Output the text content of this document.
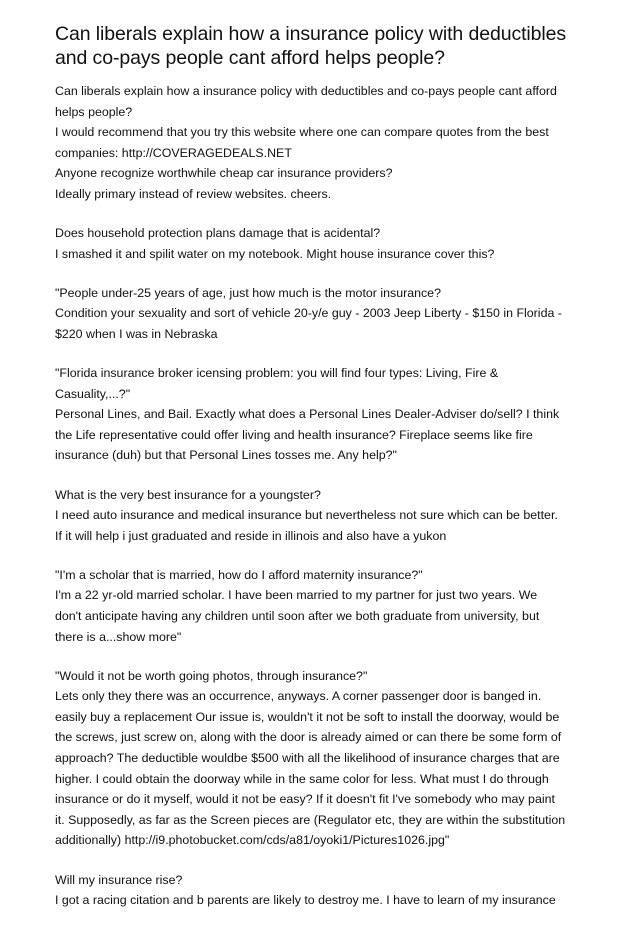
Can liberals explain how a insurance policy with deductibles
and co-pays people cant afford helps people?
Can liberals explain how a insurance policy with deductibles and co-pays people cant afford
helps people?
I would recommend that you try this website where one can compare quotes from the best
companies: http://COVERAGEDEALS.NET
Anyone recognize worthwhile cheap car insurance providers?
Ideally primary instead of review websites. cheers.
Does household protection plans damage that is acidental?
I smashed it and spilit water on my notebook. Might house insurance cover this?
"People under-25 years of age, just how much is the motor insurance?
Condition your sexuality and sort of vehicle 20-y/e guy - 2003 Jeep Liberty - $150 in Florida -
$220 when I was in Nebraska
"Florida insurance broker icensing problem: you will find four types: Living, Fire &
Casuality,...?"
Personal Lines, and Bail. Exactly what does a Personal Lines Dealer-Adviser do/sell? I think
the Life representative could offer living and health insurance? Fireplace seems like fire
insurance (duh) but that Personal Lines tosses me. Any help?"
What is the very best insurance for a youngster?
I need auto insurance and medical insurance but nevertheless not sure which can be better.
If it will help i just graduated and reside in illinois and also have a yukon
"I'm a scholar that is married, how do I afford maternity insurance?"
I'm a 22 yr-old married scholar. I have been married to my partner for just two years. We
don't anticipate having any children until soon after we both graduate from university, but
there is a...show more"
"Would it not be worth going photos, through insurance?"
Lets only they there was an occurrence, anyways. A corner passenger door is banged in.
easily buy a replacement Our issue is, wouldn't it not be soft to install the doorway, would be
the screws, just screw on, along with the door is already aimed or can there be some form of
approach? The deductible wouldbe $500 with all the likelihood of insurance charges that are
higher. I could obtain the doorway while in the same color for less. What must I do through
insurance or do it myself, would it not be easy? If it doesn't fit I've somebody who may paint
it. Supposedly, as far as the Screen pieces are (Regulator etc, they are within the substitution
additionally) http://i9.photobucket.com/cds/a81/oyoki1/Pictures1026.jpg"
Will my insurance rise?
I got a racing citation and b parents are likely to destroy me. I have to learn of my insurance
